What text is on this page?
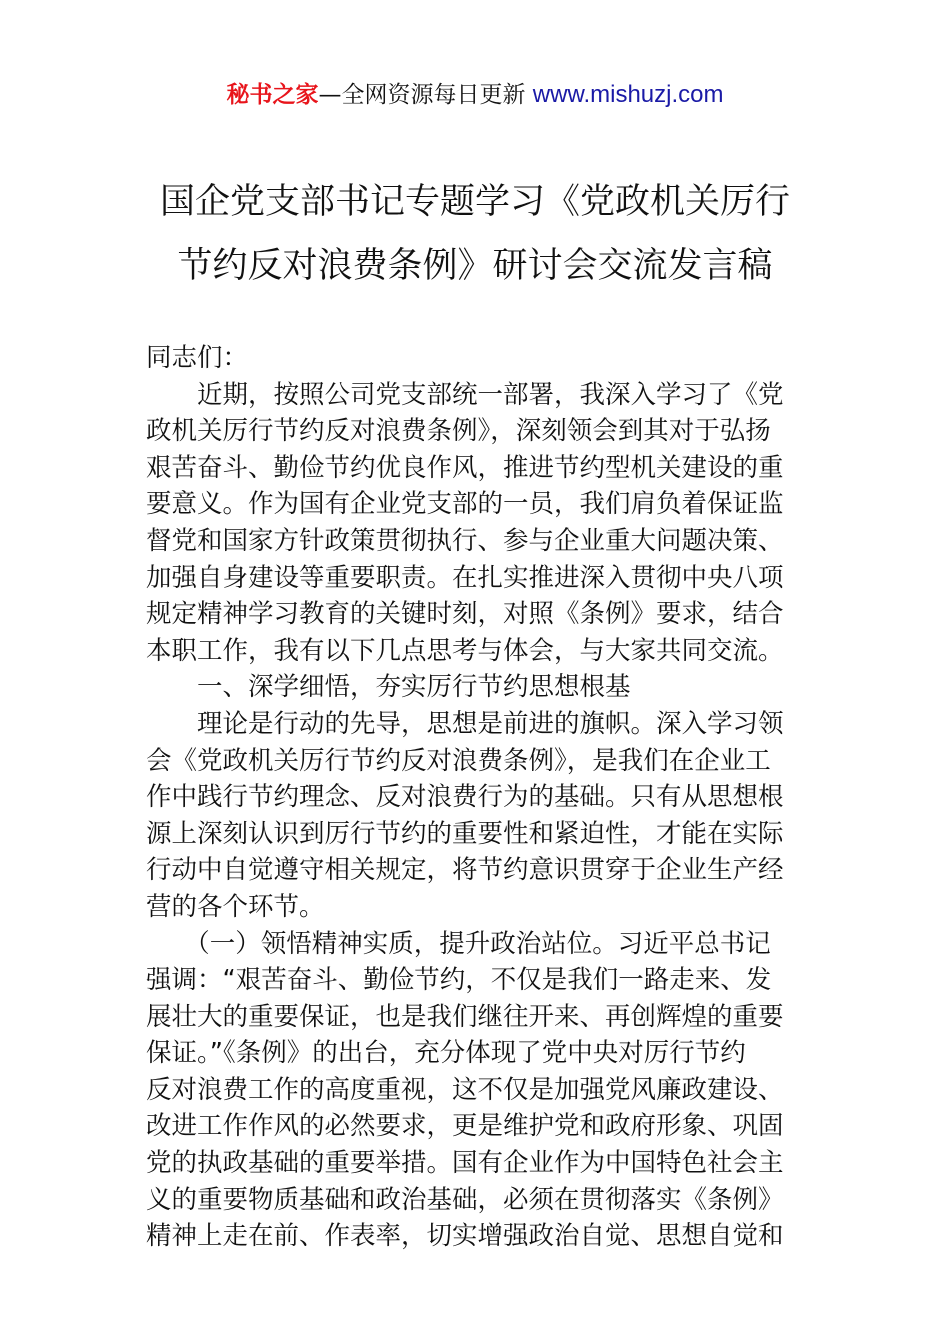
秘书之家—全网资源每日更新 www.mishuzj.com
国企党支部书记专题学习《党政机关厉行
节约反对浪费条例》研讨会交流发言稿
同志们：
　　近期，按照公司党支部统一部署，我深入学习了《党
政机关厉行节约反对浪费条例》，深刻领会到其对于弘扬
艰苦奋斗、勤俭节约优良作风，推进节约型机关建设的重
要意义。作为国有企业党支部的一员，我们肩负着保证监
督党和国家方针政策贯彻执行、参与企业重大问题决策、
加强自身建设等重要职责。在扎实推进深入贯彻中央八项
规定精神学习教育的关键时刻，对照《条例》要求，结合
本职工作，我有以下几点思考与体会，与大家共同交流。
　　一、深学细悟，夯实厉行节约思想根基
　　理论是行动的先导，思想是前进的旗帜。深入学习领
会《党政机关厉行节约反对浪费条例》，是我们在企业工
作中践行节约理念、反对浪费行为的基础。只有从思想根
源上深刻认识到厉行节约的重要性和紧迫性，才能在实际
行动中自觉遵守相关规定，将节约意识贯穿于企业生产经
营的各个环节。
　　（一）领悟精神实质，提升政治站位。习近平总书记
强调：“艰苦奋斗、勤俭节约，不仅是我们一路走来、发
展壮大的重要保证，也是我们继往开来、再创辉煌的重要
保证。”《条例》的出台，充分体现了党中央对厉行节约
反对浪费工作的高度重视，这不仅是加强党风廉政建设、
改进工作作风的必然要求，更是维护党和政府形象、巩固
党的执政基础的重要举措。国有企业作为中国特色社会主
义的重要物质基础和政治基础，必须在贯彻落实《条例》
精神上走在前、作表率，切实增强政治自觉、思想自觉和
